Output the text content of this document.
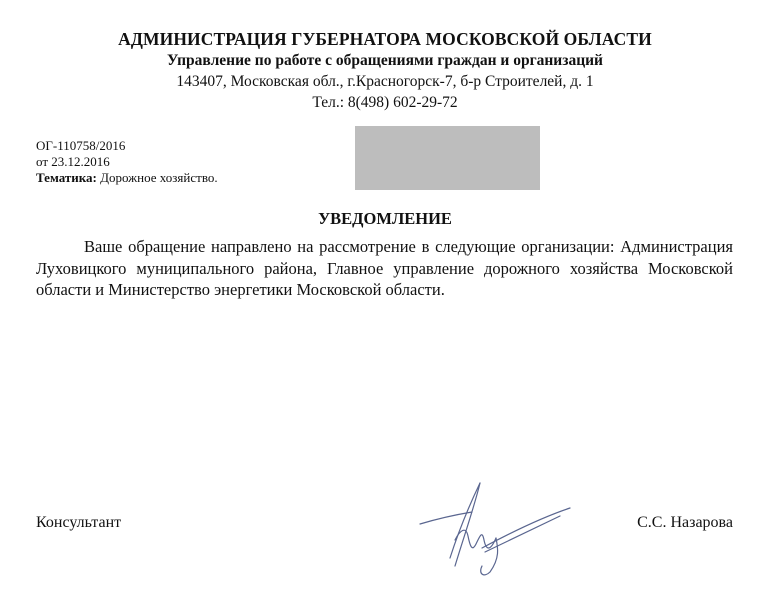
АДМИНИСТРАЦИЯ ГУБЕРНАТОРА МОСКОВСКОЙ ОБЛАСТИ
Управление по работе с обращениями граждан и организаций
143407, Московская обл., г.Красногорск-7, б-р Строителей, д. 1
Тел.: 8(498) 602-29-72
ОГ-110758/2016
от 23.12.2016
Тематика: Дорожное хозяйство.
УВЕДОМЛЕНИЕ

Ваше обращение направлено на рассмотрение в следующие организации: Администрация Луховицкого муниципального района, Главное управление дорожного хозяйства Московской области и Министерство энергетики Московской области.

Консультант	С.С. Назарова
